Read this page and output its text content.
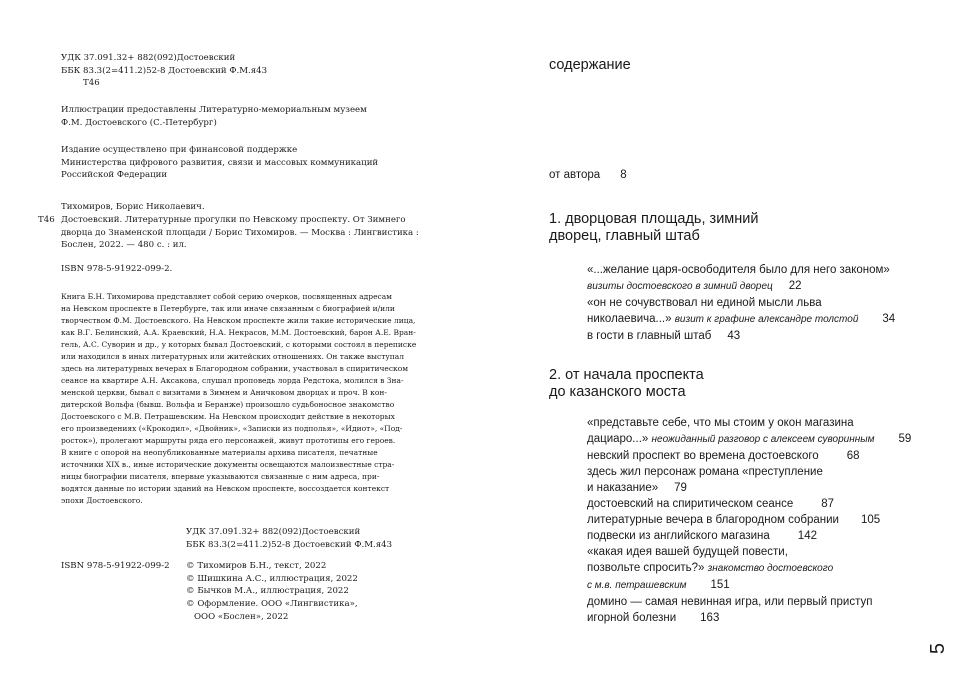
УДК 37.091.32+ 882(092)Достоевский
ББК 83.3(2=411.2)52-8 Достоевский Ф.М.я43
Т46
Иллюстрации предоставлены Литературно-мемориальным музеем
Ф.М. Достоевского (С.-Петербург)
Издание осуществлено при финансовой поддержке
Министерства цифрового развития, связи и массовых коммуникаций
Российской Федерации
Тихомиров, Борис Николаевич.
Т46 Достоевский. Литературные прогулки по Невскому проспекту. От Зимнего
дворца до Знаменской площади / Борис Тихомиров. — Москва : Лингвистика :
Бослен, 2022. — 480 с. : ил.
ISBN 978-5-91922-099-2.
Книга Б.Н. Тихомирова представляет собой серию очерков, посвященных адресам
на Невском проспекте в Петербурге, так или иначе связанным с биографией и/или
творчеством Ф.М. Достоевского. На Невском проспекте жили такие исторические лица,
как В.Г. Белинский, А.А. Краевский, Н.А. Некрасов, М.М. Достоевский, барон А.Е. Вран-
гель, А.С. Суворин и др., у которых бывал Достоевский, с которыми состоял в переписке
или находился в иных литературных или житейских отношениях. Он также выступал
здесь на литературных вечерах в Благородном собрании, участвовал в спиритическом
сеансе на квартире А.Н. Аксакова, слушал проповедь лорда Редстока, молился в Зна-
менской церкви, бывал с визитами в Зимнем и Аничковом дворцах и проч. В кон-
дитерской Вольфа (бывш. Вольфа и Беранже) произошло судьбоносное знакомство
Достоевского с М.В. Петрашевским. На Невском происходит действие в некоторых
его произведениях («Крокодил», «Двойник», «Записки из подполья», «Идиот», «Под-
росток»), пролегают маршруты ряда его персонажей, живут прототипы его героев.
В книге с опорой на неопубликованные материалы архива писателя, печатные
источники XIX в., иные исторические документы освещаются малоизвестные стра-
ницы биографии писателя, впервые указываются связанные с ним адреса, при-
водятся данные по истории зданий на Невском проспекте, воссоздается контекст
эпохи Достоевского.
УДК 37.091.32+ 882(092)Достоевский
ББК 83.3(2=411.2)52-8 Достоевский Ф.М.я43
ISBN 978-5-91922-099-2 © Тихомиров Б.Н., текст, 2022
© Шишкина А.С., иллюстрация, 2022
© Бычков М.А., иллюстрация, 2022
© Оформление. ООО «Лингвистика»,
ООО «Бослен», 2022
содержание
от автора 8
1. дворцовая площадь, зимний
дворец, главный штаб
«...желание царя-освободителя было для него законом»
визиты достоевского в зимний дворец 22
«он не сочувствовал ни единой мысли льва
николаевича...» визит к графине александре толстой 34
в гости в главный штаб 43
2. от начала проспекта
до казанского моста
«представьте себе, что мы стоим у окон магазина
дациаро...» неожиданный разговор с алексеем суворинным 59
невский проспект во времена достоевского 68
здесь жил персонаж романа «преступление
и наказание» 79
достоевский на спиритическом сеансе 87
литературные вечера в благородном собрании 105
подвески из английского магазина 142
«какая идея вашей будущей повести,
позвольте спросить?» знакомство достоевского
с м.в. петрашевским 151
домино — самая невинная игра, или первый приступ
игорной болезни 163
5
